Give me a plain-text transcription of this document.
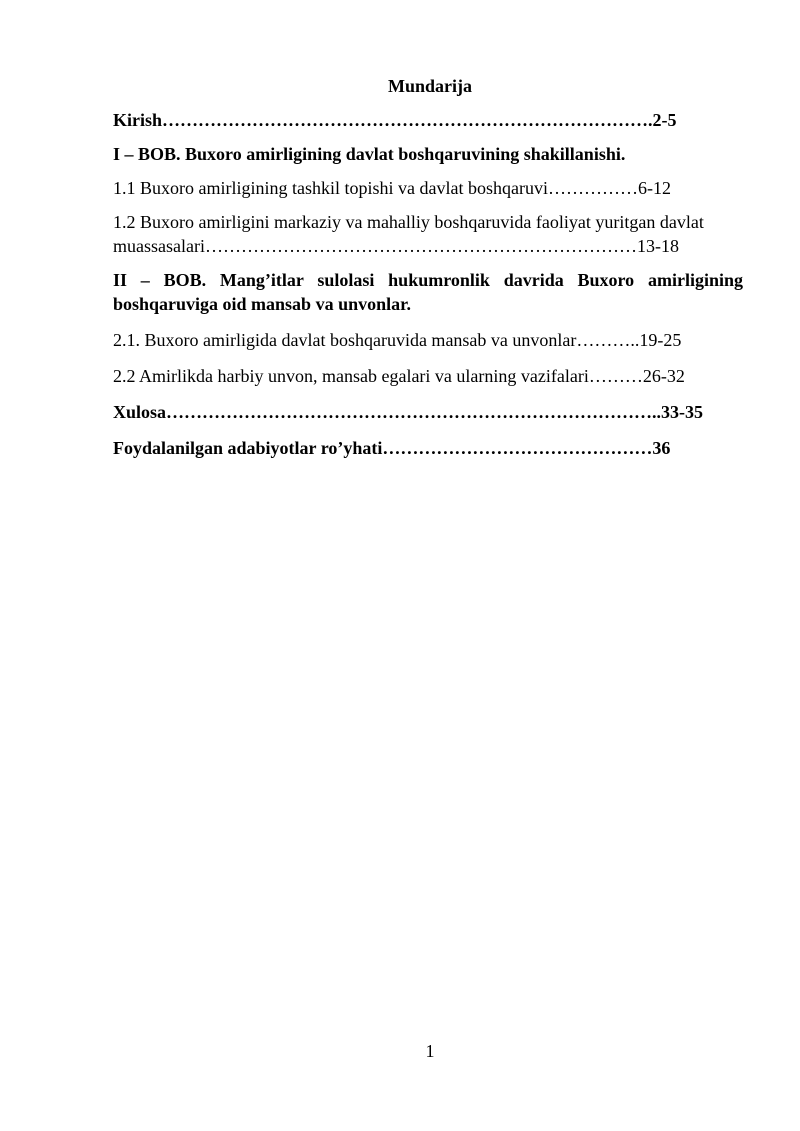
Mundarija

Kirish……………………………………………………………………….2-5

I – BOB. Buxoro amirligining davlat boshqaruvining shakillanishi.

1.1 Buxoro amirligining tashkil topishi va davlat boshqaruvi……………6-12

1.2 Buxoro amirligini markaziy va mahalliy boshqaruvida faoliyat yuritgan davlat muassasalari………………………………………………………………13-18

II – BOB. Mang’itlar sulolasi hukumronlik davrida Buxoro amirligining boshqaruviga oid mansab va unvonlar.

2.1. Buxoro amirligida davlat boshqaruvida mansab va unvonlar………..19-25

2.2 Amirlikda harbiy unvon, mansab egalari va ularning vazifalari………26-32

Xulosa………………………………………………………………………..33-35

Foydalanilgan adabiyotlar ro’yhati………………………………………36

1
